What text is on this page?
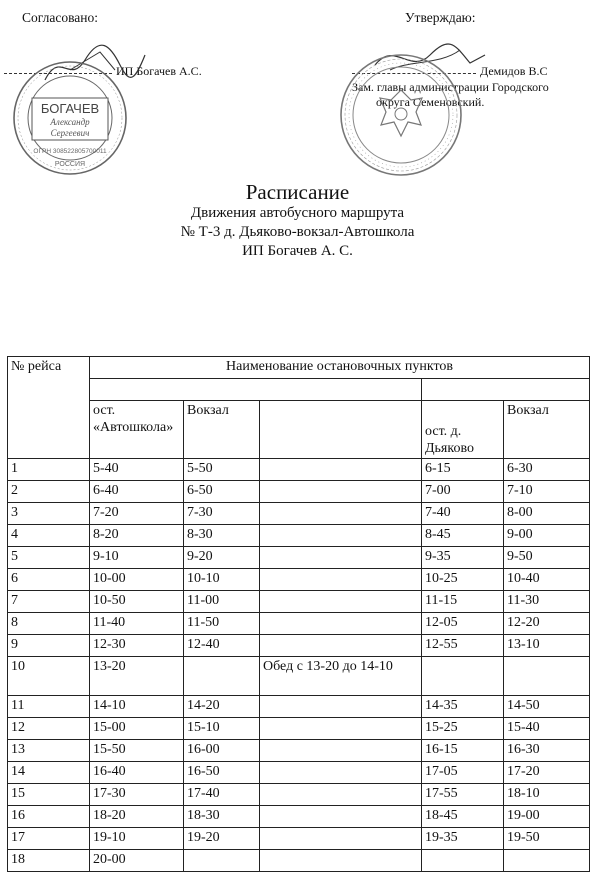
Согласовано:	Утверждаю:
ИП Богачев А.С.	Демидов В.С
Зам. главы администрации Городского
округа Семеновский.
БОГАЧЕВ
Александр
Сергеевич
ОГРН 308522805700011
РОССИЯ
Расписание
Движения автобусного маршрута
№ Т-3 д. Дьяково-вокзал-Автошкола
ИП Богачев А. С.
№ рейса	Наименование остановочных пунктов				

	ост. «Автошкола»	Вокзал		ост. д. Дьяково	Вокзал
1	5-40	5-50		6-15	6-30
2	6-40	6-50		7-00	7-10
3	7-20	7-30		7-40	8-00
4	8-20	8-30		8-45	9-00
5	9-10	9-20		9-35	9-50
6	10-00	10-10		10-25	10-40
7	10-50	11-00		11-15	11-30
8	11-40	11-50		12-05	12-20
9	12-30	12-40		12-55	13-10
10	13-20		Обед с 13-20 до 14-10		
11	14-10	14-20		14-35	14-50
12	15-00	15-10		15-25	15-40
13	15-50	16-00		16-15	16-30
14	16-40	16-50		17-05	17-20
15	17-30	17-40		17-55	18-10
16	18-20	18-30		18-45	19-00
17	19-10	19-20		19-35	19-50
18	20-00				
